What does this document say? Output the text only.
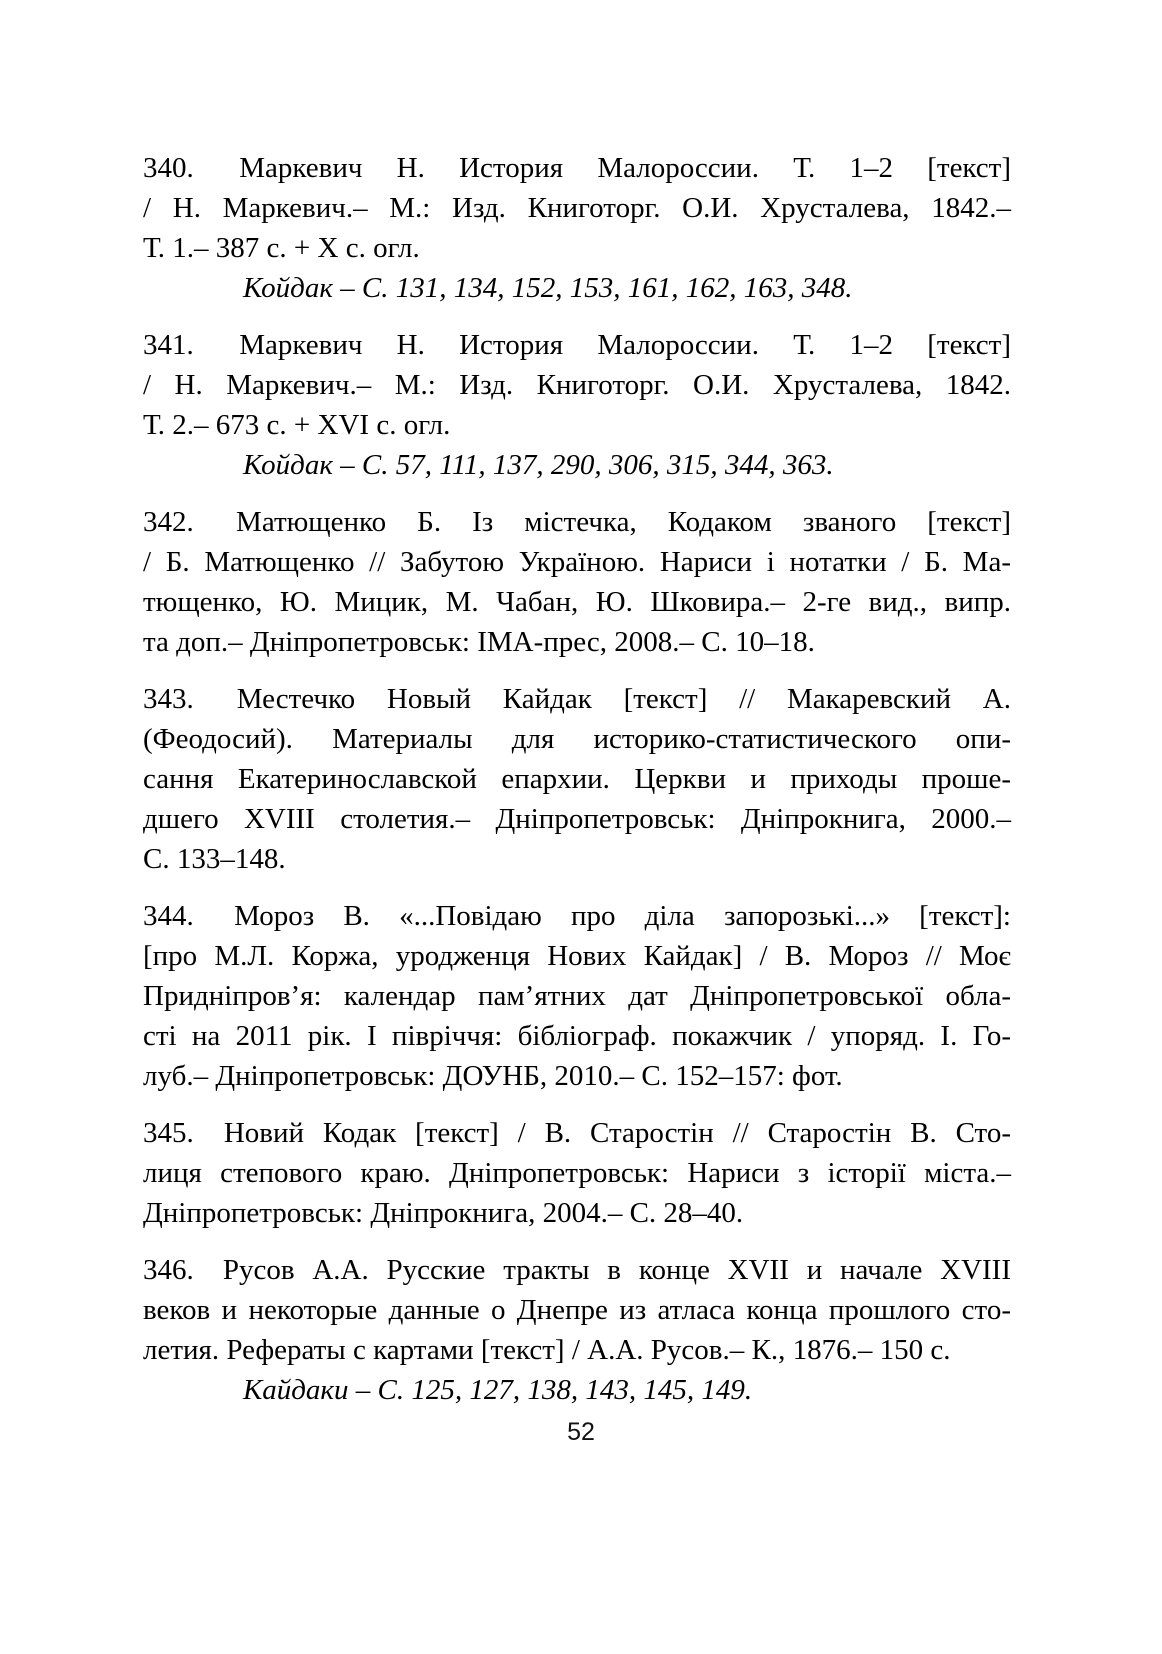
340. Маркевич Н. История Малороссии. Т. 1–2 [текст]
/ Н. Маркевич.– М.: Изд. Книготорг. О.И. Хрусталева, 1842.–
Т. 1.– 387 с. + X с. огл.
Койдак – С. 131, 134, 152, 153, 161, 162, 163, 348.
341. Маркевич Н. История Малороссии. Т. 1–2 [текст]
/ Н. Маркевич.– М.: Изд. Книготорг. О.И. Хрусталева, 1842.
Т. 2.– 673 с. + XVI с. огл.
Койдак – С. 57, 111, 137, 290, 306, 315, 344, 363.
342. Матющенко Б. Із містечка, Кодаком званого [текст]
/ Б. Матющенко // Забутою Україною. Нариси і нотатки / Б. Ма-
тющенко, Ю. Мицик, М. Чабан, Ю. Шковира.– 2-ге вид., випр.
та доп.– Дніпропетровськ: ІМА-прес, 2008.– С. 10–18.
343. Местечко Новый Кайдак [текст] // Макаревский А.
(Феодосий). Материалы для историко-статистического опи-
сання Екатеринославской епархии. Церкви и приходы проше-
дшего XVIII столетия.– Дніпропетровськ: Дніпрокнига, 2000.–
С. 133–148.
344. Мороз В. «...Повідаю про діла запорозькі...» [текст]:
[про М.Л. Коржа, уродженця Нових Кайдак] / В. Мороз // Моє
Придніпров’я: календар пам’ятних дат Дніпропетровської обла-
сті на 2011 рік. І півріччя: бібліограф. покажчик / упоряд. І. Го-
луб.– Дніпропетровськ: ДОУНБ, 2010.– С. 152–157: фот.
345. Новий Кодак [текст] / В. Старостін // Старостін В. Сто-
лиця степового краю. Дніпропетровськ: Нариси з історії міста.–
Дніпропетровськ: Дніпрокнига, 2004.– С. 28–40.
346. Русов А.А. Русские тракты в конце XVII и начале XVIII
веков и некоторые данные о Днепре из атласа конца прошлого сто-
летия. Рефераты с картами [текст] / А.А. Русов.– К., 1876.– 150 с.
Кайдаки – С. 125, 127, 138, 143, 145, 149.
52
